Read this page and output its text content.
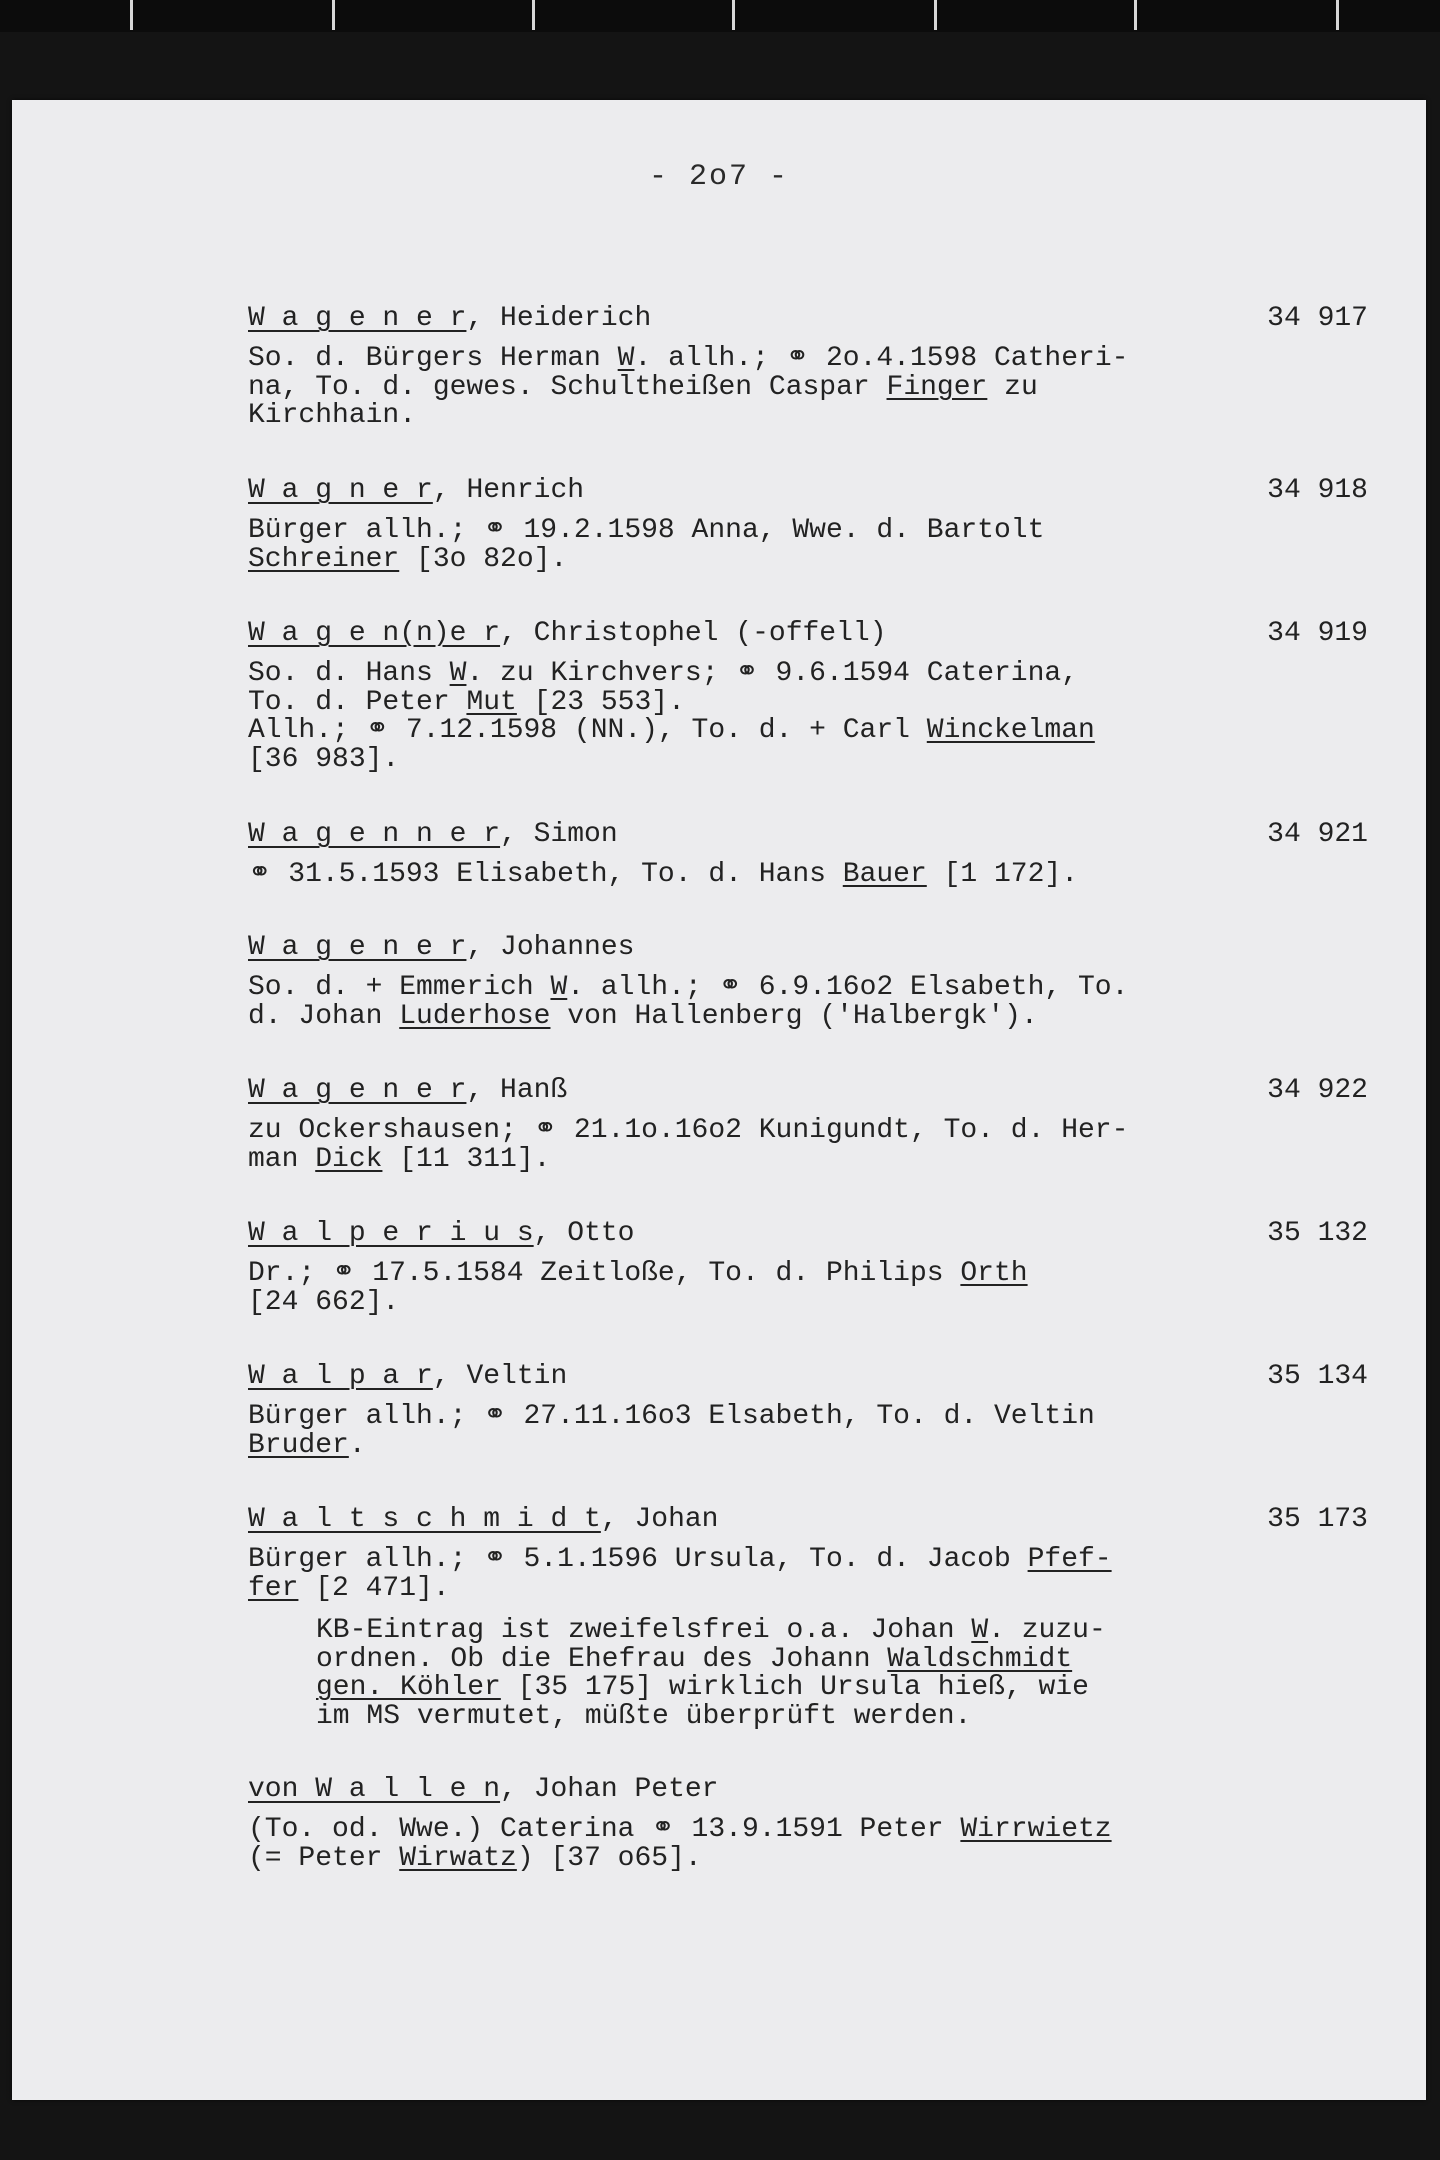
- 2o7 -
W a g e n e r, Heiderich	34 917
So. d. Bürgers Herman W. allh.; ⚭ 2o.4.1598 Catheri-
na, To. d. gewes. Schultheißen Caspar Finger zu
Kirchhain.
W a g n e r, Henrich	34 918
Bürger allh.; ⚭ 19.2.1598 Anna, Wwe. d. Bartolt
Schreiner [3o 82o].
W a g e n(n)e r, Christophel (-offell)	34 919
So. d. Hans W. zu Kirchvers; ⚭ 9.6.1594 Caterina,
To. d. Peter Mut [23 553].
Allh.; ⚭ 7.12.1598 (NN.), To. d. + Carl Winckelman
[36 983].
W a g e n n e r, Simon	34 921
⚭ 31.5.1593 Elisabeth, To. d. Hans Bauer [1 172].
W a g e n e r, Johannes
So. d. + Emmerich W. allh.; ⚭ 6.9.16o2 Elsabeth, To.
d. Johan Luderhose von Hallenberg ('Halbergk').
W a g e n e r, Hanß	34 922
zu Ockershausen; ⚭ 21.1o.16o2 Kunigundt, To. d. Her-
man Dick [11 311].
W a l p e r i u s, Otto	35 132
Dr.; ⚭ 17.5.1584 Zeitloße, To. d. Philips Orth
[24 662].
W a l p a r, Veltin	35 134
Bürger allh.; ⚭ 27.11.16o3 Elsabeth, To. d. Veltin
Bruder.
W a l t s c h m i d t, Johan	35 173
Bürger allh.; ⚭ 5.1.1596 Ursula, To. d. Jacob Pfef-
fer [2 471].
KB-Eintrag ist zweifelsfrei o.a. Johan W. zuzu-
ordnen. Ob die Ehefrau des Johann Waldschmidt
gen. Köhler [35 175] wirklich Ursula hieß, wie
im MS vermutet, müßte überprüft werden.
von W a l l e n, Johan Peter
(To. od. Wwe.) Caterina ⚭ 13.9.1591 Peter Wirrwietz
(= Peter Wirwatz) [37 o65].
